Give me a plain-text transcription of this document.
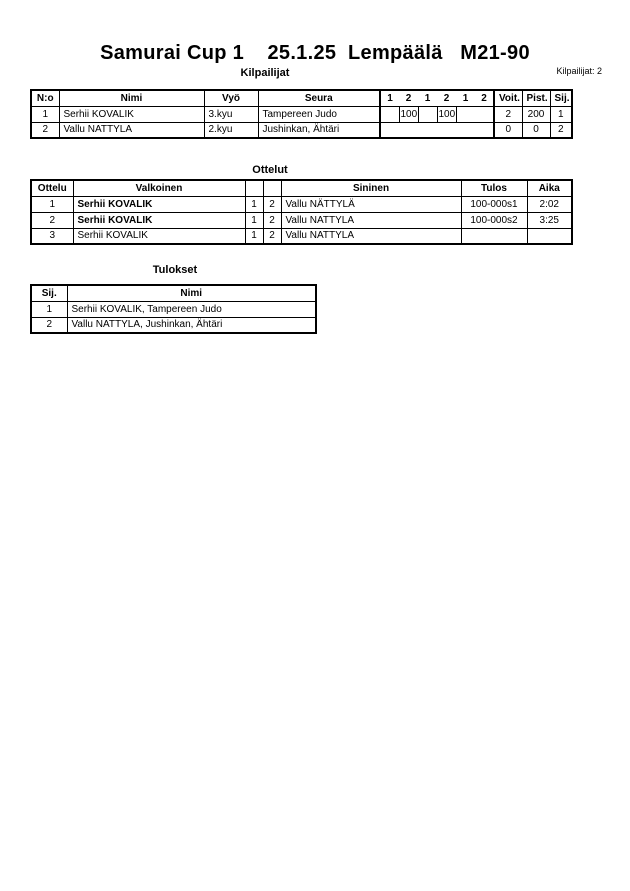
Samurai Cup 1    25.1.25  Lempäälä   M21-90
Kilpailijat: 2
Kilpailijat
N:o	Nimi	Vyö	Seura	1	2	1	2	1	2	Voit.	Pist.	Sij.
1	Serhii KOVALIK	3.kyu	Tampereen Judo		100		100			2	200	1
2	Vallu NATTYLA	2.kyu	Jushinkan, Ähtäri							0	0	2
Ottelut
Ottelu	Valkoinen			Sininen	Tulos	Aika
1	Serhii KOVALIK	1	2	Vallu NÄTTYLÄ	100-000s1	2:02
2	Serhii KOVALIK	1	2	Vallu NATTYLA	100-000s2	3:25
3	Serhii KOVALIK	1	2	Vallu NATTYLA		
Tulokset
Sij.	Nimi
1	Serhii KOVALIK, Tampereen Judo
2	Vallu NATTYLA, Jushinkan, Ähtäri
